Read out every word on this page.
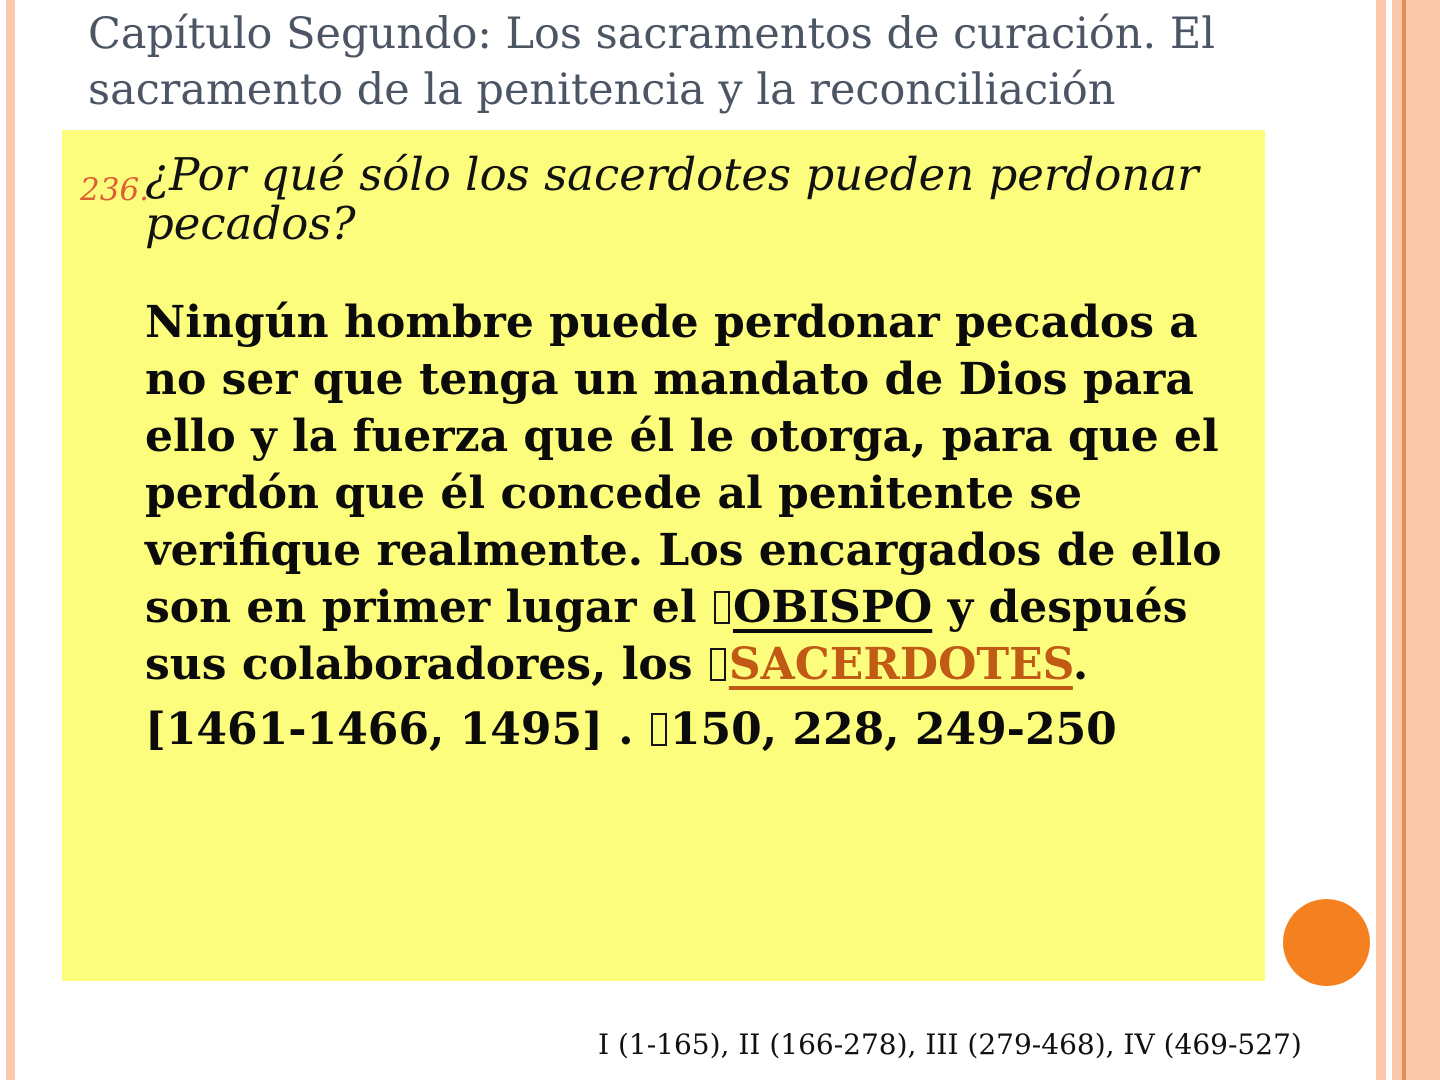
Capítulo Segundo: Los sacramentos de curación. El sacramento de la penitencia y la reconciliación
236.
¿Por qué sólo los sacerdotes pueden perdonar pecados?
Ningún hombre puede perdonar pecados a no ser que tenga un mandato de Dios para ello y la fuerza que él le otorga, para que el perdón que él concede al penitente se verifique realmente. Los encargados de ello son en primer lugar el OBISPO y después sus colaboradores, los SACERDOTES.
[1461-1466, 1495] . 150, 228, 249-250
I (1-165), II (166-278), III (279-468), IV (469-527)
